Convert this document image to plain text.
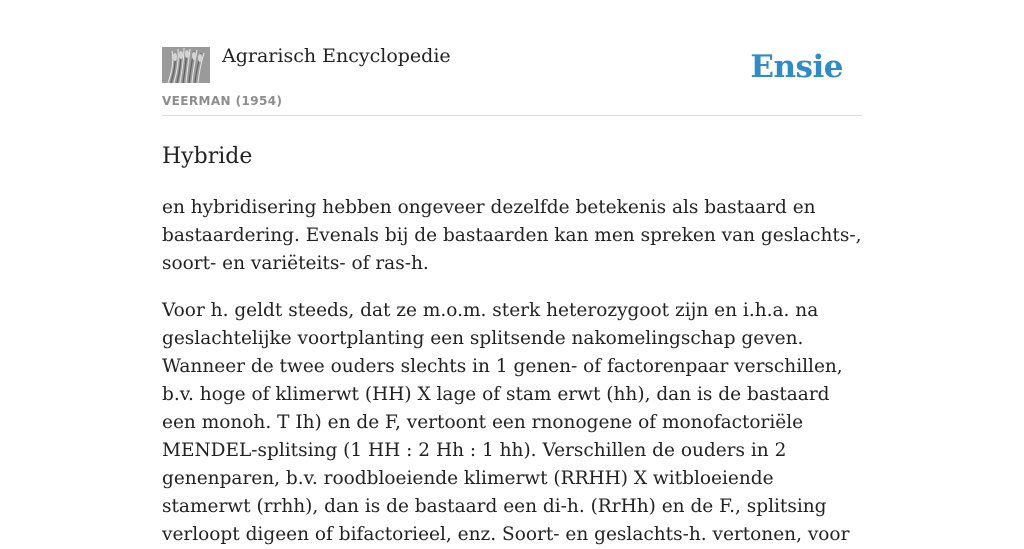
Agrarisch Encyclopedie
VEERMAN (1954)
Ensie
Hybride

en hybridisering hebben ongeveer dezelfde betekenis als bastaard en bastaardering. Evenals bij de bastaarden kan men spreken van geslachts-, soort- en variëteits- of ras-h.

Voor h. geldt steeds, dat ze m.o.m. sterk heterozygoot zijn en i.h.a. na geslachtelijke voortplanting een splitsende nakomelingschap geven. Wanneer de twee ouders slechts in 1 genen- of factorenpaar verschillen, b.v. hoge of klimerwt (HH) X lage of stam erwt (hh), dan is de bastaard een monoh. T Ih) en de F, vertoont een rnonogene of monofactoriële MENDEL-splitsing (1 HH : 2 Hh : 1 hh). Verschillen de ouders in 2 genenparen, b.v. roodbloeiende klimerwt (RRHH) X witbloeiende stamerwt (rrhh), dan is de bastaard een di-h. (RrHh) en de F., splitsing verloopt digeen of bifactorieel, enz. Soort- en geslachts-h. vertonen, voor
